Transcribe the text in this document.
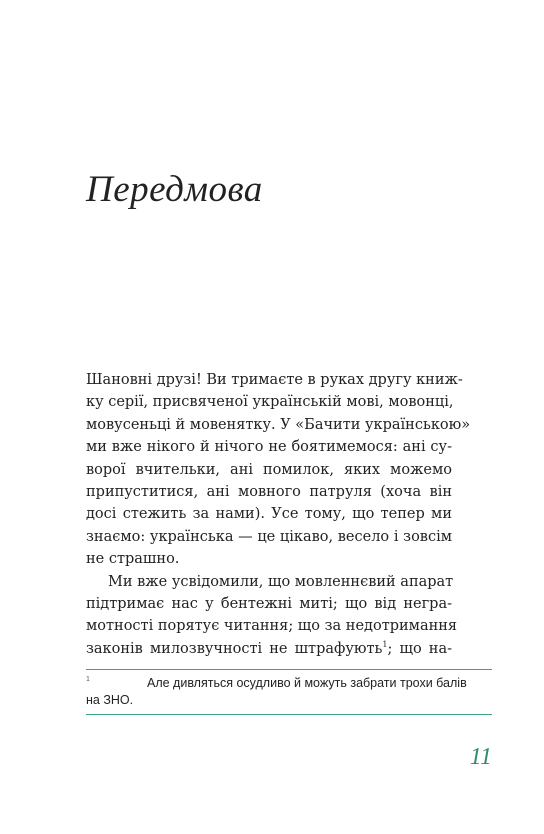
Передмова
Шановні друзі! Ви тримаєте в руках другу книж-
ку серії, присвяченої українській мові, мовонці,
мовусеньці й мовенятку. У «Бачити українською»
ми вже нікого й нічого не боятимемося: ані су-
ворої вчительки, ані помилок, яких можемо
припуститися, ані мовного патруля (хоча він
досі стежить за нами). Усе тому, що тепер ми
знаємо: українська — це цікаво, весело і зовсім
не страшно.
Ми вже усвідомили, що мовленнєвий апарат
підтримає нас у бентежні миті; що від негра-
мотності порятує читання; що за недотримання
законів милозвучності не штрафують$^1$; що на-
1	Але дивляться осудливо й можуть забрати трохи балів
на ЗНО.
11
